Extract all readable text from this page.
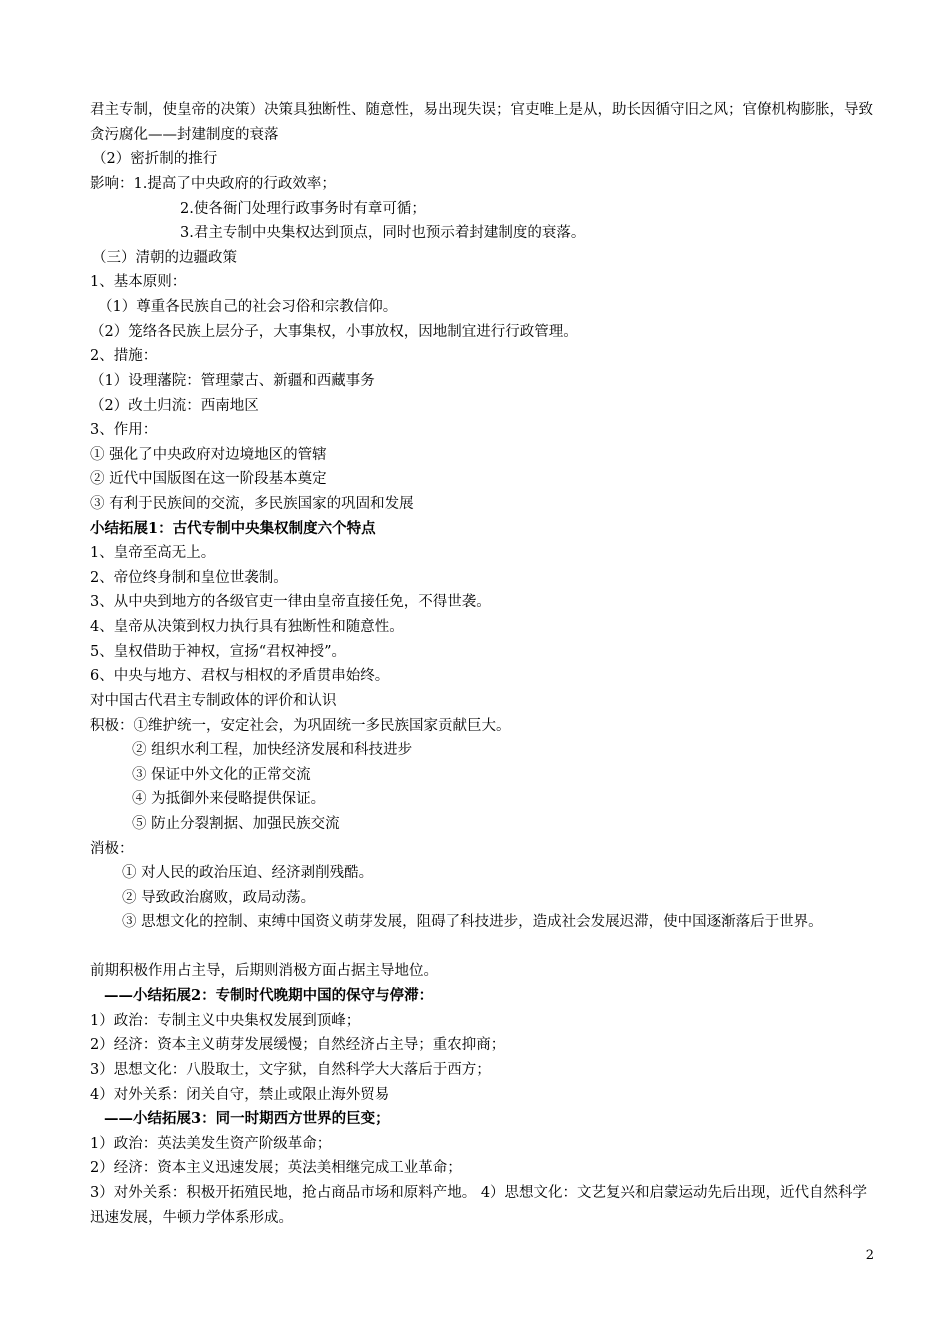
君主专制，使皇帝的决策）决策具独断性、随意性，易出现失误；官吏唯上是从，助长因循守旧之风；官僚机构膨胀，导致贪污腐化——封建制度的衰落
（2）密折制的推行
影响：1.提高了中央政府的行政效率；
2.使各衙门处理行政事务时有章可循；
3.君主专制中央集权达到顶点，同时也预示着封建制度的衰落。
（三）清朝的边疆政策
1、基本原则：
（1）尊重各民族自己的社会习俗和宗教信仰。
（2）笼络各民族上层分子，大事集权，小事放权，因地制宜进行行政管理。
2、措施：
（1）设理藩院：管理蒙古、新疆和西藏事务
（2）改土归流：西南地区
3、作用：
① 强化了中央政府对边境地区的管辖
② 近代中国版图在这一阶段基本奠定
③ 有利于民族间的交流，多民族国家的巩固和发展
小结拓展1：古代专制中央集权制度六个特点
1、皇帝至高无上。
2、帝位终身制和皇位世袭制。
3、从中央到地方的各级官吏一律由皇帝直接任免，不得世袭。
4、皇帝从决策到权力执行具有独断性和随意性。
5、皇权借助于神权，宣扬“君权神授”。
6、中央与地方、君权与相权的矛盾贯串始终。
对中国古代君主专制政体的评价和认识
积极：①维护统一，安定社会，为巩固统一多民族国家贡献巨大。
② 组织水利工程，加快经济发展和科技进步
③ 保证中外文化的正常交流
④ 为抵御外来侵略提供保证。
⑤ 防止分裂割据、加强民族交流
消极：
① 对人民的政治压迫、经济剥削残酷。
② 导致政治腐败，政局动荡。
③ 思想文化的控制、束缚中国资义萌芽发展，阻碍了科技进步，造成社会发展迟滞，使中国逐渐落后于世界。
前期积极作用占主导，后期则消极方面占据主导地位。
——小结拓展2：专制时代晚期中国的保守与停滞：
1）政治：专制主义中央集权发展到顶峰；
2）经济：资本主义萌芽发展缓慢；自然经济占主导；重农抑商；
3）思想文化：八股取士，文字狱，自然科学大大落后于西方；
4）对外关系：闭关自守，禁止或限止海外贸易
——小结拓展3：同一时期西方世界的巨变；
1）政治：英法美发生资产阶级革命；
2）经济：资本主义迅速发展；英法美相继完成工业革命；
3）对外关系：积极开拓殖民地，抢占商品市场和原料产地。 4）思想文化：文艺复兴和启蒙运动先后出现，近代自然科学迅速发展，牛顿力学体系形成。
2
